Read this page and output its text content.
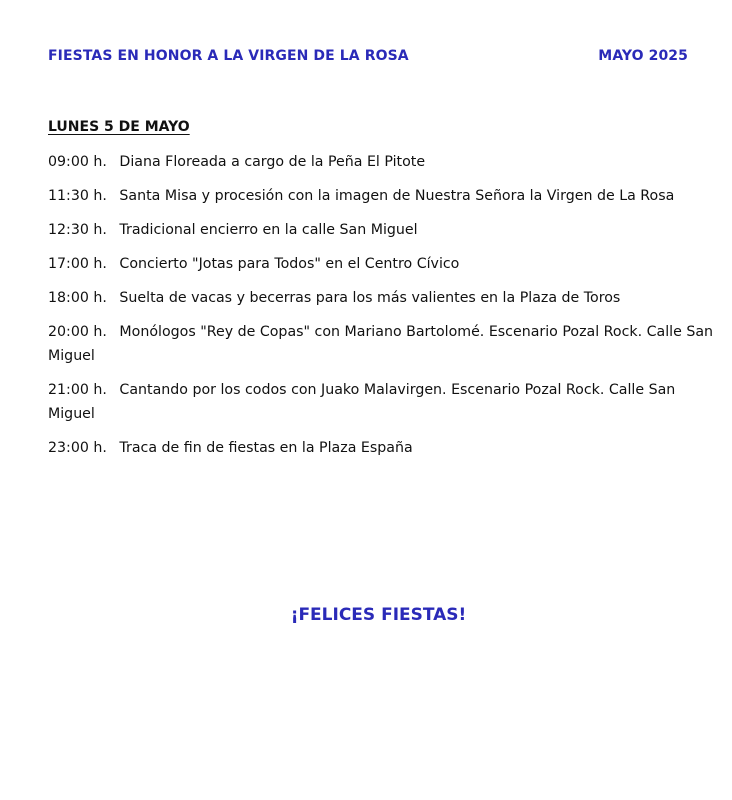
FIESTAS EN HONOR A LA VIRGEN DE LA ROSA	MAYO 2025
LUNES 5 DE MAYO
09:00 h. Diana Floreada a cargo de la Peña El Pitote
11:30 h. Santa Misa y procesión con la imagen de Nuestra Señora la Virgen de La Rosa
12:30 h. Tradicional encierro en la calle San Miguel
17:00 h. Concierto "Jotas para Todos" en el Centro Cívico
18:00 h. Suelta de vacas y becerras para los más valientes en la Plaza de Toros
20:00 h. Monólogos "Rey de Copas" con Mariano Bartolomé. Escenario Pozal Rock. Calle San Miguel
21:00 h. Cantando por los codos con Juako Malavirgen. Escenario Pozal Rock. Calle San Miguel
23:00 h. Traca de fin de fiestas en la Plaza España
¡FELICES FIESTAS!
